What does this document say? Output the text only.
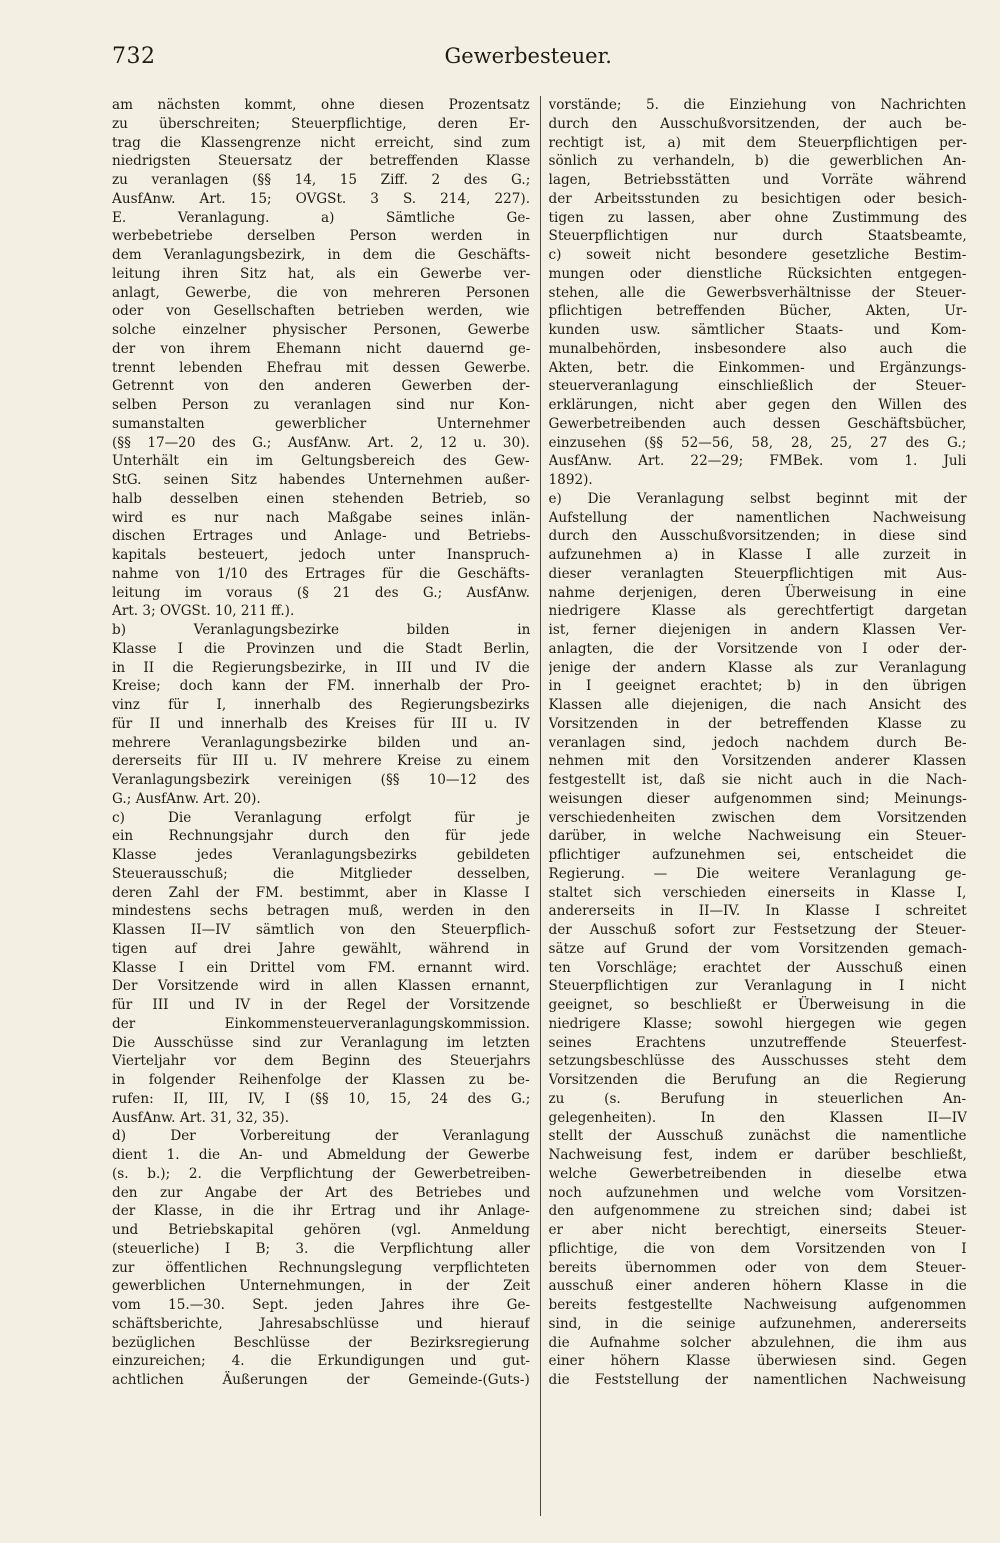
732	Gewerbesteuer.
am nächsten kommt, ohne diesen Prozentsatz
zu überschreiten; Steuerpflichtige, deren Er-
trag die Klassengrenze nicht erreicht, sind zum
niedrigsten Steuersatz der betreffenden Klasse
zu veranlagen (§§ 14, 15 Ziff. 2 des G.;
AusfAnw. Art. 15; OVGSt. 3 S. 214, 227).
E. Veranlagung. a) Sämtliche Ge-
werbebetriebe derselben Person werden in
dem Veranlagungsbezirk, in dem die Geschäfts-
leitung ihren Sitz hat, als ein Gewerbe ver-
anlagt, Gewerbe, die von mehreren Personen
oder von Gesellschaften betrieben werden, wie
solche einzelner physischer Personen, Gewerbe
der von ihrem Ehemann nicht dauernd ge-
trennt lebenden Ehefrau mit dessen Gewerbe.
Getrennt von den anderen Gewerben der-
selben Person zu veranlagen sind nur Kon-
sumanstalten gewerblicher Unternehmer
(§§ 17—20 des G.; AusfAnw. Art. 2, 12 u. 30).
Unterhält ein im Geltungsbereich des Gew-
StG. seinen Sitz habendes Unternehmen außer-
halb desselben einen stehenden Betrieb, so
wird es nur nach Maßgabe seines inlän-
dischen Ertrages und Anlage- und Betriebs-
kapitals besteuert, jedoch unter Inanspruch-
nahme von 1/10 des Ertrages für die Geschäfts-
leitung im voraus (§ 21 des G.; AusfAnw.
Art. 3; OVGSt. 10, 211 ff.).
b) Veranlagungsbezirke bilden in
Klasse I die Provinzen und die Stadt Berlin,
in II die Regierungsbezirke, in III und IV die
Kreise; doch kann der FM. innerhalb der Pro-
vinz für I, innerhalb des Regierungsbezirks
für II und innerhalb des Kreises für III u. IV
mehrere Veranlagungsbezirke bilden und an-
dererseits für III u. IV mehrere Kreise zu einem
Veranlagungsbezirk vereinigen (§§ 10—12 des
G.; AusfAnw. Art. 20).
c) Die Veranlagung erfolgt für je
ein Rechnungsjahr durch den für jede
Klasse jedes Veranlagungsbezirks gebildeten
Steuerausschuß; die Mitglieder desselben,
deren Zahl der FM. bestimmt, aber in Klasse I
mindestens sechs betragen muß, werden in den
Klassen II—IV sämtlich von den Steuerpflich-
tigen auf drei Jahre gewählt, während in
Klasse I ein Drittel vom FM. ernannt wird.
Der Vorsitzende wird in allen Klassen ernannt,
für III und IV in der Regel der Vorsitzende
der Einkommensteuerveranlagungskommission.
Die Ausschüsse sind zur Veranlagung im letzten
Vierteljahr vor dem Beginn des Steuerjahrs
in folgender Reihenfolge der Klassen zu be-
rufen: II, III, IV, I (§§ 10, 15, 24 des G.;
AusfAnw. Art. 31, 32, 35).
d) Der Vorbereitung der Veranlagung
dient 1. die An- und Abmeldung der Gewerbe
(s. b.); 2. die Verpflichtung der Gewerbetreiben-
den zur Angabe der Art des Betriebes und
der Klasse, in die ihr Ertrag und ihr Anlage-
und Betriebskapital gehören (vgl. Anmeldung
(steuerliche) I B; 3. die Verpflichtung aller
zur öffentlichen Rechnungslegung verpflichteten
gewerblichen Unternehmungen, in der Zeit
vom 15.—30. Sept. jeden Jahres ihre Ge-
schäftsberichte, Jahresabschlüsse und hierauf
bezüglichen Beschlüsse der Bezirksregierung
einzureichen; 4. die Erkundigungen und gut-
achtlichen Äußerungen der Gemeinde-(Guts-)
vorstände; 5. die Einziehung von Nachrichten
durch den Ausschußvorsitzenden, der auch be-
rechtigt ist, a) mit dem Steuerpflichtigen per-
sönlich zu verhandeln, b) die gewerblichen An-
lagen, Betriebsstätten und Vorräte während
der Arbeitsstunden zu besichtigen oder besich-
tigen zu lassen, aber ohne Zustimmung des
Steuerpflichtigen nur durch Staatsbeamte,
c) soweit nicht besondere gesetzliche Bestim-
mungen oder dienstliche Rücksichten entgegen-
stehen, alle die Gewerbsverhältnisse der Steuer-
pflichtigen betreffenden Bücher, Akten, Ur-
kunden usw. sämtlicher Staats- und Kom-
munalbehörden, insbesondere also auch die
Akten, betr. die Einkommen- und Ergänzungs-
steuerveranlagung einschließlich der Steuer-
erklärungen, nicht aber gegen den Willen des
Gewerbetreibenden auch dessen Geschäftsbücher,
einzusehen (§§ 52—56, 58, 28, 25, 27 des G.;
AusfAnw. Art. 22—29; FMBek. vom 1. Juli
1892).
e) Die Veranlagung selbst beginnt mit der
Aufstellung der namentlichen Nachweisung
durch den Ausschußvorsitzenden; in diese sind
aufzunehmen a) in Klasse I alle zurzeit in
dieser veranlagten Steuerpflichtigen mit Aus-
nahme derjenigen, deren Überweisung in eine
niedrigere Klasse als gerechtfertigt dargetan
ist, ferner diejenigen in andern Klassen Ver-
anlagten, die der Vorsitzende von I oder der-
jenige der andern Klasse als zur Veranlagung
in I geeignet erachtet; b) in den übrigen
Klassen alle diejenigen, die nach Ansicht des
Vorsitzenden in der betreffenden Klasse zu
veranlagen sind, jedoch nachdem durch Be-
nehmen mit den Vorsitzenden anderer Klassen
festgestellt ist, daß sie nicht auch in die Nach-
weisungen dieser aufgenommen sind; Meinungs-
verschiedenheiten zwischen dem Vorsitzenden
darüber, in welche Nachweisung ein Steuer-
pflichtiger aufzunehmen sei, entscheidet die
Regierung. — Die weitere Veranlagung ge-
staltet sich verschieden einerseits in Klasse I,
andererseits in II—IV. In Klasse I schreitet
der Ausschuß sofort zur Festsetzung der Steuer-
sätze auf Grund der vom Vorsitzenden gemach-
ten Vorschläge; erachtet der Ausschuß einen
Steuerpflichtigen zur Veranlagung in I nicht
geeignet, so beschließt er Überweisung in die
niedrigere Klasse; sowohl hiergegen wie gegen
seines Erachtens unzutreffende Steuerfest-
setzungsbeschlüsse des Ausschusses steht dem
Vorsitzenden die Berufung an die Regierung
zu (s. Berufung in steuerlichen An-
gelegenheiten). In den Klassen II—IV
stellt der Ausschuß zunächst die namentliche
Nachweisung fest, indem er darüber beschließt,
welche Gewerbetreibenden in dieselbe etwa
noch aufzunehmen und welche vom Vorsitzen-
den aufgenommene zu streichen sind; dabei ist
er aber nicht berechtigt, einerseits Steuer-
pflichtige, die von dem Vorsitzenden von I
bereits übernommen oder von dem Steuer-
ausschuß einer anderen höhern Klasse in die
bereits festgestellte Nachweisung aufgenommen
sind, in die seinige aufzunehmen, andererseits
die Aufnahme solcher abzulehnen, die ihm aus
einer höhern Klasse überwiesen sind. Gegen
die Feststellung der namentlichen Nachweisung
